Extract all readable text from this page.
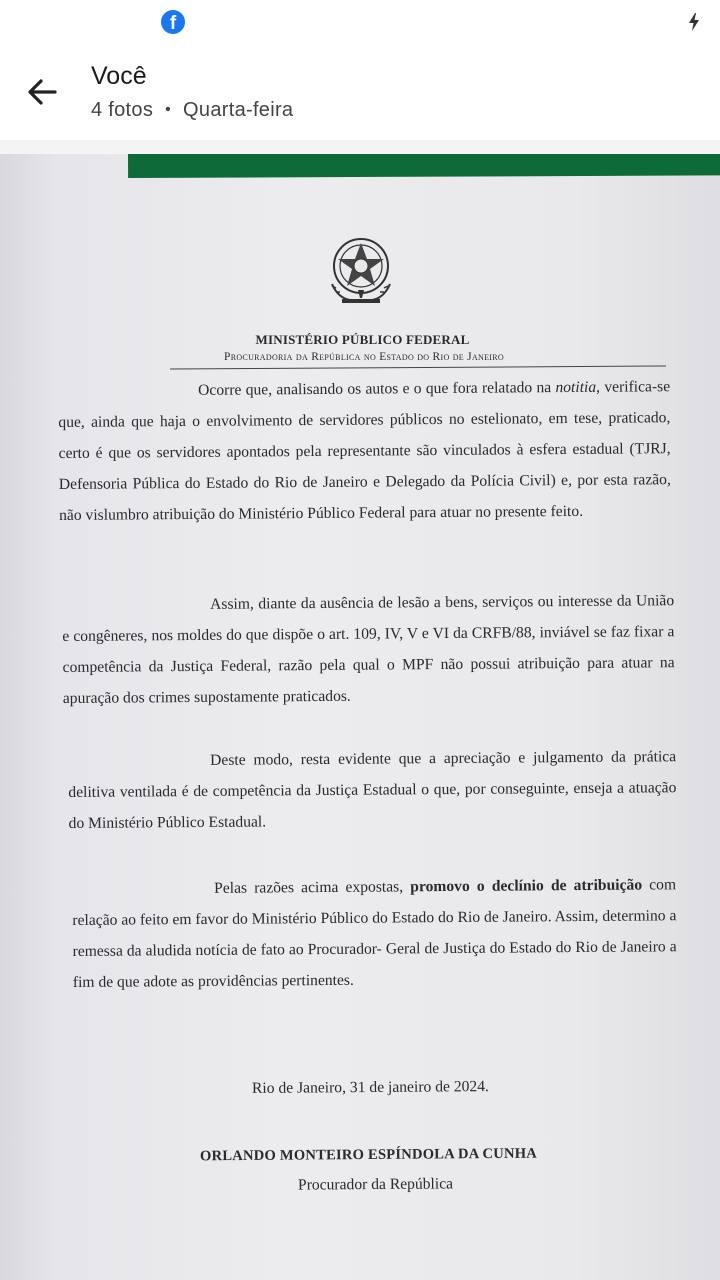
f
Você
4 fotos • Quarta-feira
MINISTÉRIO PÚBLICO FEDERAL
Procuradoria da República no Estado do Rio de Janeiro
Ocorre que, analisando os autos e o que fora relatado na notitia, verifica-se que, ainda que haja o envolvimento de servidores públicos no estelionato, em tese, praticado, certo é que os servidores apontados pela representante são vinculados à esfera estadual (TJRJ, Defensoria Pública do Estado do Rio de Janeiro e Delegado da Polícia Civil) e, por esta razão, não vislumbro atribuição do Ministério Público Federal para atuar no presente feito.
Assim, diante da ausência de lesão a bens, serviços ou interesse da União e congêneres, nos moldes do que dispõe o art. 109, IV, V e VI da CRFB/88, inviável se faz fixar a competência da Justiça Federal, razão pela qual o MPF não possui atribuição para atuar na apuração dos crimes supostamente praticados.
Deste modo, resta evidente que a apreciação e julgamento da prática delitiva ventilada é de competência da Justiça Estadual o que, por conseguinte, enseja a atuação do Ministério Público Estadual.
Pelas razões acima expostas, promovo o declínio de atribuição com relação ao feito em favor do Ministério Público do Estado do Rio de Janeiro. Assim, determino a remessa da aludida notícia de fato ao Procurador- Geral de Justiça do Estado do Rio de Janeiro a fim de que adote as providências pertinentes.
Rio de Janeiro, 31 de janeiro de 2024.
ORLANDO MONTEIRO ESPÍNDOLA DA CUNHA
Procurador da República
